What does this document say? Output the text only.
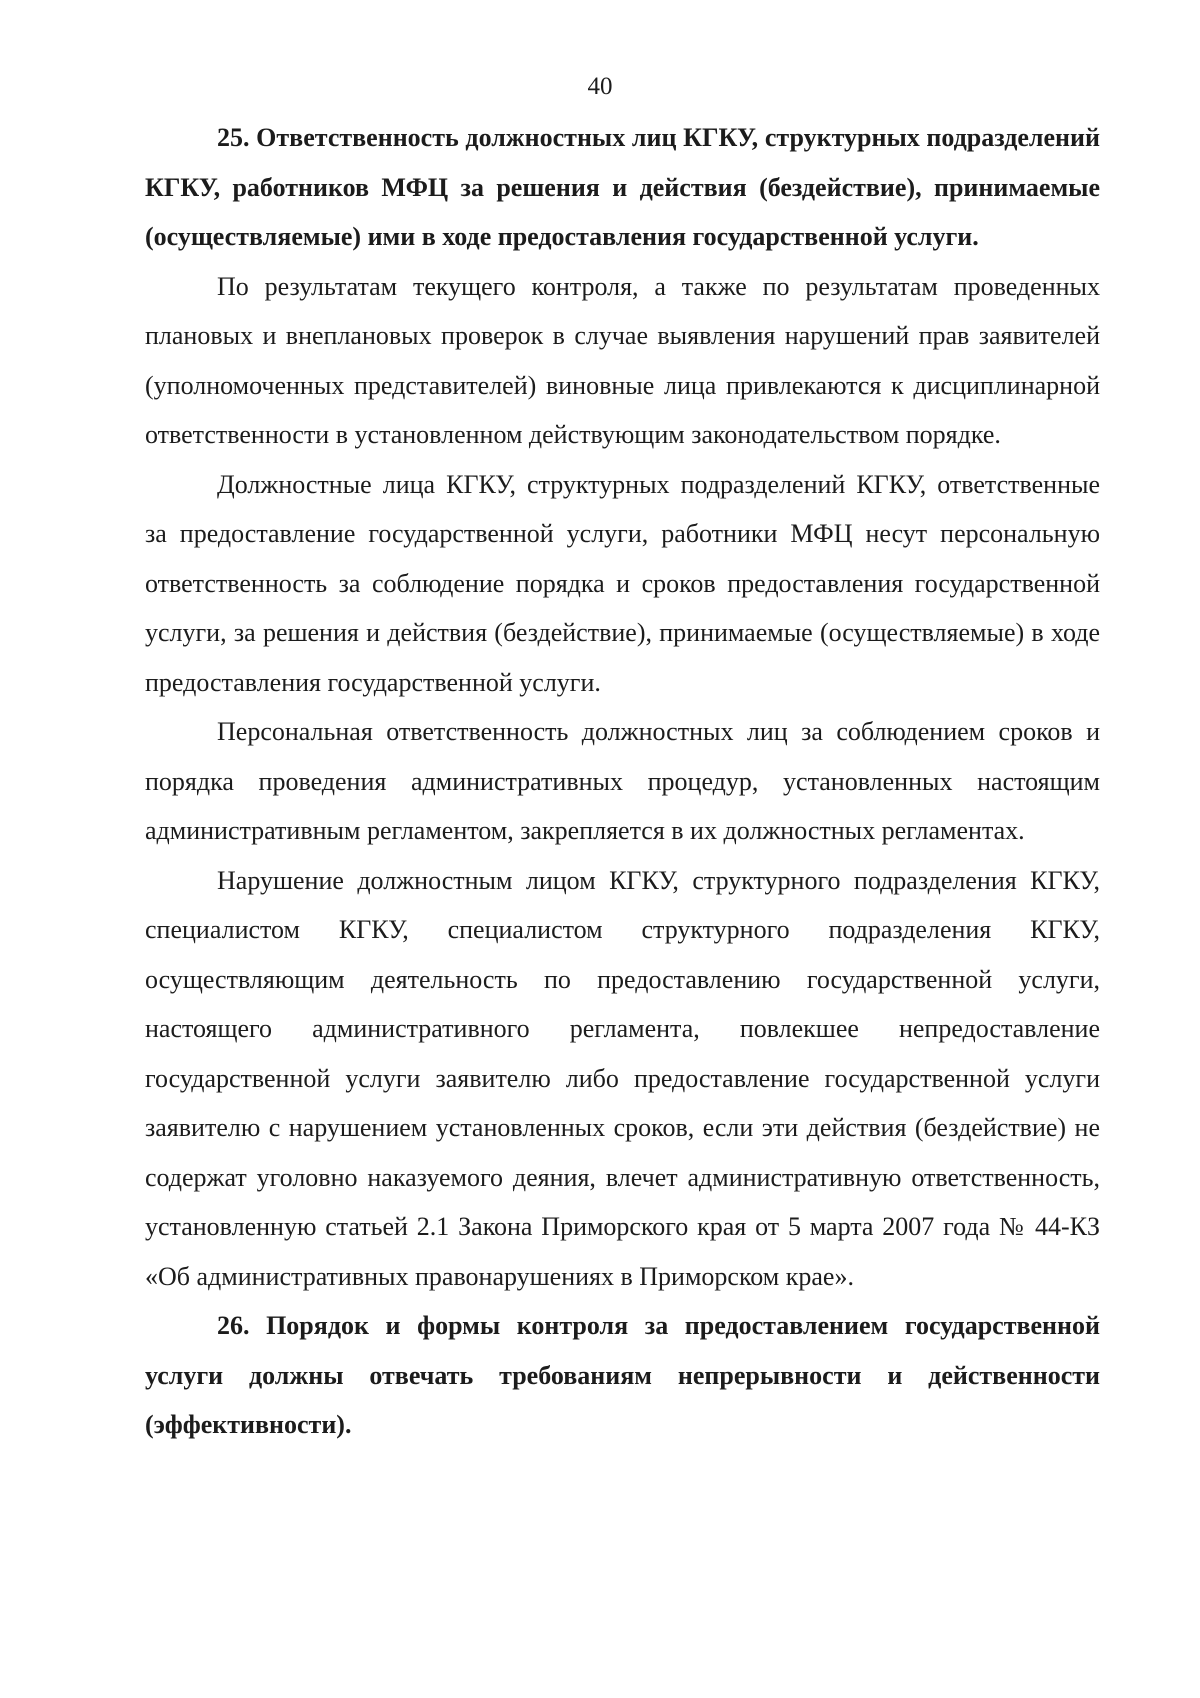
40

25. Ответственность должностных лиц КГКУ, структурных подразделений КГКУ, работников МФЦ за решения и действия (бездействие), принимаемые (осуществляемые) ими в ходе предоставления государственной услуги.

По результатам текущего контроля, а также по результатам проведенных плановых и внеплановых проверок в случае выявления нарушений прав заявителей (уполномоченных представителей) виновные лица привлекаются к дисциплинарной ответственности в установленном действующим законодательством порядке.

Должностные лица КГКУ, структурных подразделений КГКУ, ответственные за предоставление государственной услуги, работники МФЦ несут персональную ответственность за соблюдение порядка и сроков предоставления государственной услуги, за решения и действия (бездействие), принимаемые (осуществляемые) в ходе предоставления государственной услуги.

Персональная ответственность должностных лиц за соблюдением сроков и порядка проведения административных процедур, установленных настоящим административным регламентом, закрепляется в их должностных регламентах.

Нарушение должностным лицом КГКУ, структурного подразделения КГКУ, специалистом КГКУ, специалистом структурного подразделения КГКУ, осуществляющим деятельность по предоставлению государственной услуги, настоящего административного регламента, повлекшее непредоставление государственной услуги заявителю либо предоставление государственной услуги заявителю с нарушением установленных сроков, если эти действия (бездействие) не содержат уголовно наказуемого деяния, влечет административную ответственность, установленную статьей 2.1 Закона Приморского края от 5 марта 2007 года № 44-КЗ «Об административных правонарушениях в Приморском крае».

26. Порядок и формы контроля за предоставлением государственной услуги должны отвечать требованиям непрерывности и действенности (эффективности).
